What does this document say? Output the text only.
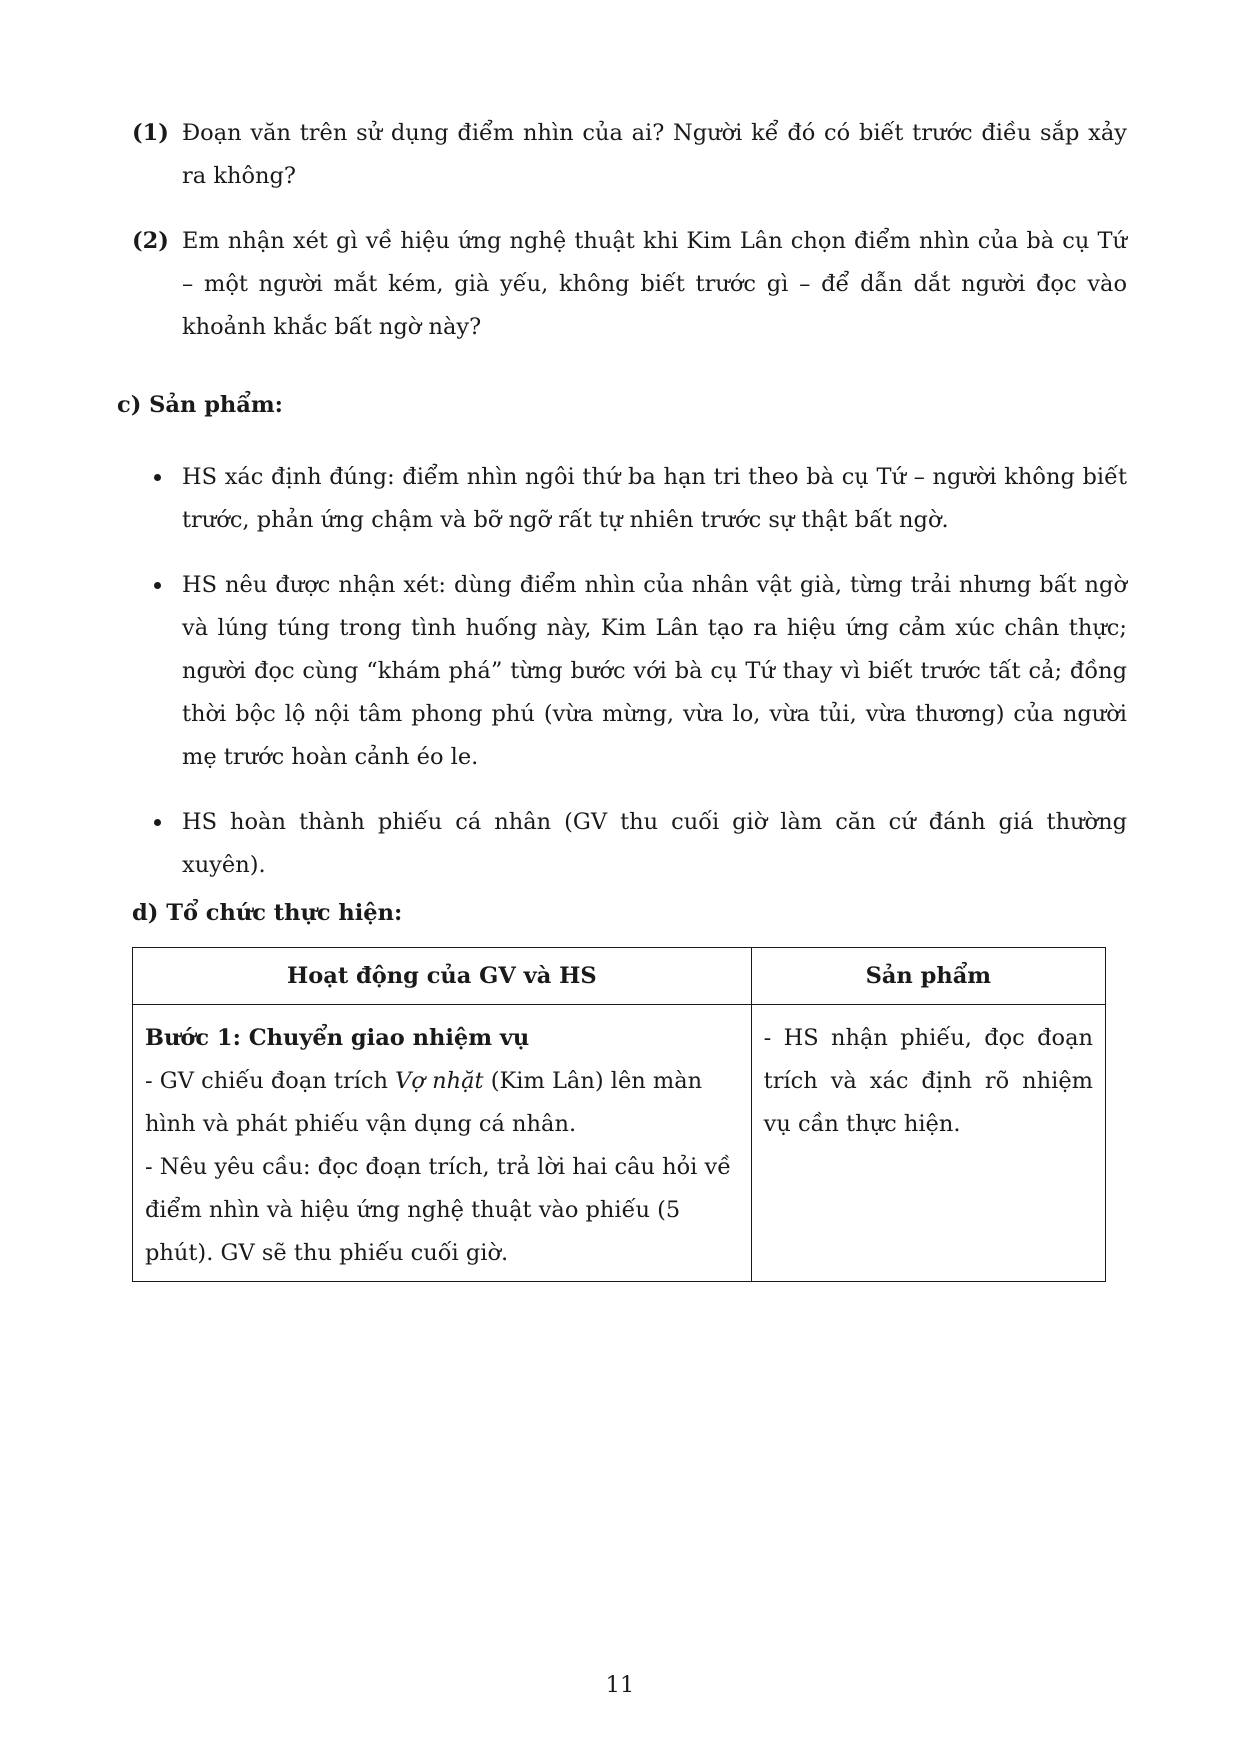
(1) Đoạn văn trên sử dụng điểm nhìn của ai? Người kể đó có biết trước điều sắp xảy ra không?
(2) Em nhận xét gì về hiệu ứng nghệ thuật khi Kim Lân chọn điểm nhìn của bà cụ Tứ – một người mắt kém, già yếu, không biết trước gì – để dẫn dắt người đọc vào khoảnh khắc bất ngờ này?
c) Sản phẩm:
HS xác định đúng: điểm nhìn ngôi thứ ba hạn tri theo bà cụ Tứ – người không biết trước, phản ứng chậm và bỡ ngỡ rất tự nhiên trước sự thật bất ngờ.
HS nêu được nhận xét: dùng điểm nhìn của nhân vật già, từng trải nhưng bất ngờ và lúng túng trong tình huống này, Kim Lân tạo ra hiệu ứng cảm xúc chân thực; người đọc cùng “khám phá” từng bước với bà cụ Tứ thay vì biết trước tất cả; đồng thời bộc lộ nội tâm phong phú (vừa mừng, vừa lo, vừa tủi, vừa thương) của người mẹ trước hoàn cảnh éo le.
HS hoàn thành phiếu cá nhân (GV thu cuối giờ làm căn cứ đánh giá thường xuyên).
d) Tổ chức thực hiện:
Hoạt động của GV và HS	Sản phẩm

Bước 1: Chuyển giao nhiệm vụ
- GV chiếu đoạn trích Vợ nhặt (Kim Lân) lên màn hình và phát phiếu vận dụng cá nhân.
- Nêu yêu cầu: đọc đoạn trích, trả lời hai câu hỏi về điểm nhìn và hiệu ứng nghệ thuật vào phiếu (5 phút). GV sẽ thu phiếu cuối giờ.	- HS nhận phiếu, đọc đoạn trích và xác định rõ nhiệm vụ cần thực hiện.
11
